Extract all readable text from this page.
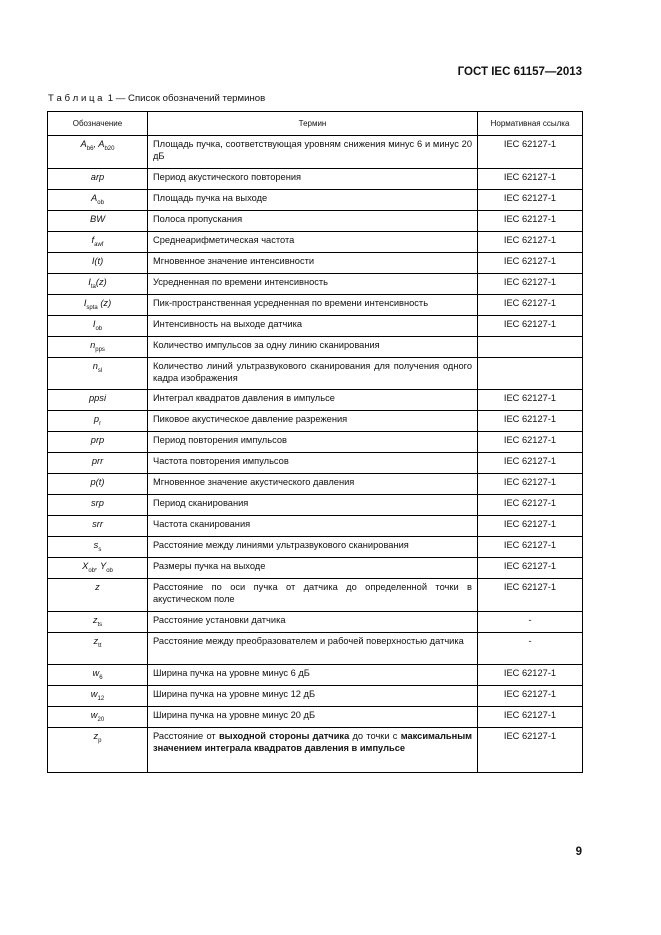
ГОСТ IEC 61157—2013
Т а б л и ц а  1 — Список обозначений терминов
Обозначение	Термин	Нормативная ссылка
$A_{b6}$, $A_{b20}$	Площадь пучка, соответствующая уровням снижения минус 6 и минус 20 дБ	IEC 62127-1
arp	Период акустического повторения	IEC 62127-1
$A_{ob}$	Площадь пучка на выходе	IEC 62127-1
BW	Полоса пропускания	IEC 62127-1
$f_{awf}$	Среднеарифметическая частота	IEC 62127-1
I(t)	Мгновенное значение интенсивности	IEC 62127-1
$I_{ta}(z)$	Усредненная по времени интенсивность	IEC 62127-1
$I_{spta}$ (z)	Пик-пространственная усредненная по времени интенсивность	IEC 62127-1
$I_{ob}$	Интенсивность на выходе датчика	IEC 62127-1
$n_{pps}$	Количество импульсов за одну линию сканирования	
$n_{sl}$	Количество линий ультразвукового сканирования для получения одного кадра изображения	
ppsi	Интеграл квадратов давления в импульсе	IEC 62127-1
$p_r$	Пиковое акустическое давление разрежения	IEC 62127-1
prp	Период повторения импульсов	IEC 62127-1
prr	Частота повторения импульсов	IEC 62127-1
p(t)	Мгновенное значение акустического давления	IEC 62127-1
srp	Период сканирования	IEC 62127-1
srr	Частота сканирования	IEC 62127-1
$s_s$	Расстояние между линиями ультразвукового сканирования	IEC 62127-1
$X_{ob}$, $Y_{ob}$	Размеры пучка на выходе	IEC 62127-1
z	Расстояние по оси пучка от датчика до определенной точки в акустическом поле	IEC 62127-1
$z_{ts}$	Расстояние установки датчика	-
$z_{tt}$	Расстояние между преобразователем и рабочей поверхностью датчика	-
$w_6$	Ширина пучка на уровне минус 6 дБ	IEC 62127-1
$w_{12}$	Ширина пучка на уровне минус 12 дБ	IEC 62127-1
$w_{20}$	Ширина пучка на уровне минус 20 дБ	IEC 62127-1
$z_p$	Расстояние от выходной стороны датчика до точки с максимальным значением интеграла квадратов давления в импульсе	IEC 62127-1
9
